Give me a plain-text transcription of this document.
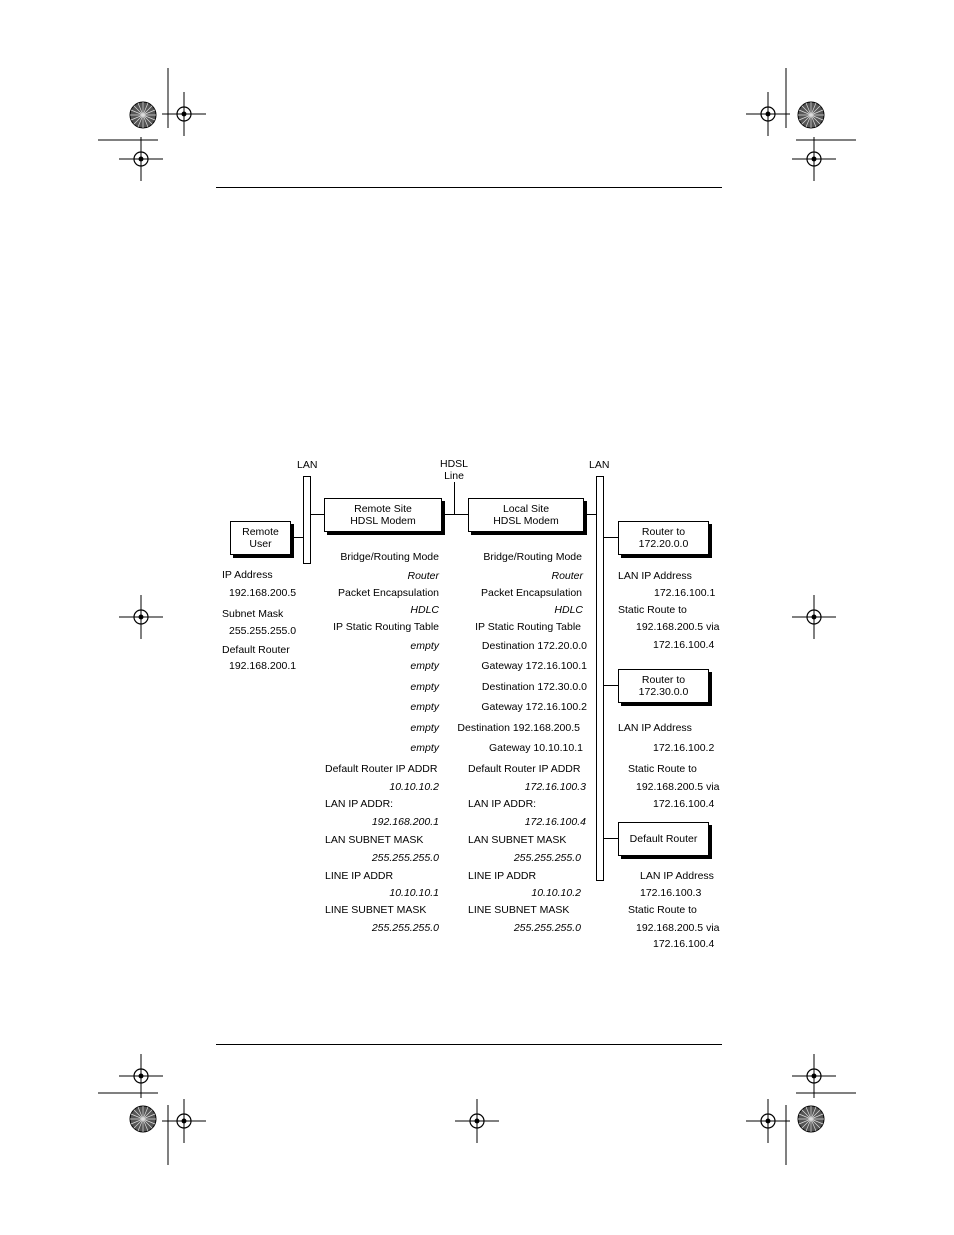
LAN	LAN
HDSL
Line
Remote
User
Remote Site
HDSL Modem
Local Site
HDSL Modem
Router to
172.20.0.0
Router to
172.30.0.0
Default Router
IP Address
192.168.200.5
Subnet Mask
255.255.255.0
Default Router
192.168.200.1
Bridge/Routing Mode
Router
Packet Encapsulation
HDLC
IP Static Routing Table
empty
empty
empty
empty
empty
empty
Default Router IP ADDR
10.10.10.2
LAN IP ADDR:
192.168.200.1
LAN SUBNET MASK
255.255.255.0
LINE IP ADDR
10.10.10.1
LINE SUBNET MASK
255.255.255.0
Bridge/Routing Mode
Router
Packet Encapsulation
HDLC
IP Static Routing Table
Destination 172.20.0.0
Gateway 172.16.100.1
Destination 172.30.0.0
Gateway 172.16.100.2
Destination 192.168.200.5
Gateway 10.10.10.1
Default Router IP ADDR
172.16.100.3
LAN IP ADDR:
172.16.100.4
LAN SUBNET MASK
255.255.255.0
LINE IP ADDR
10.10.10.2
LINE SUBNET MASK
255.255.255.0
LAN IP Address
172.16.100.1
Static Route to
192.168.200.5 via
172.16.100.4
LAN IP Address
172.16.100.2
Static Route to
192.168.200.5 via
172.16.100.4
LAN IP Address
172.16.100.3
Static Route to
192.168.200.5 via
172.16.100.4
